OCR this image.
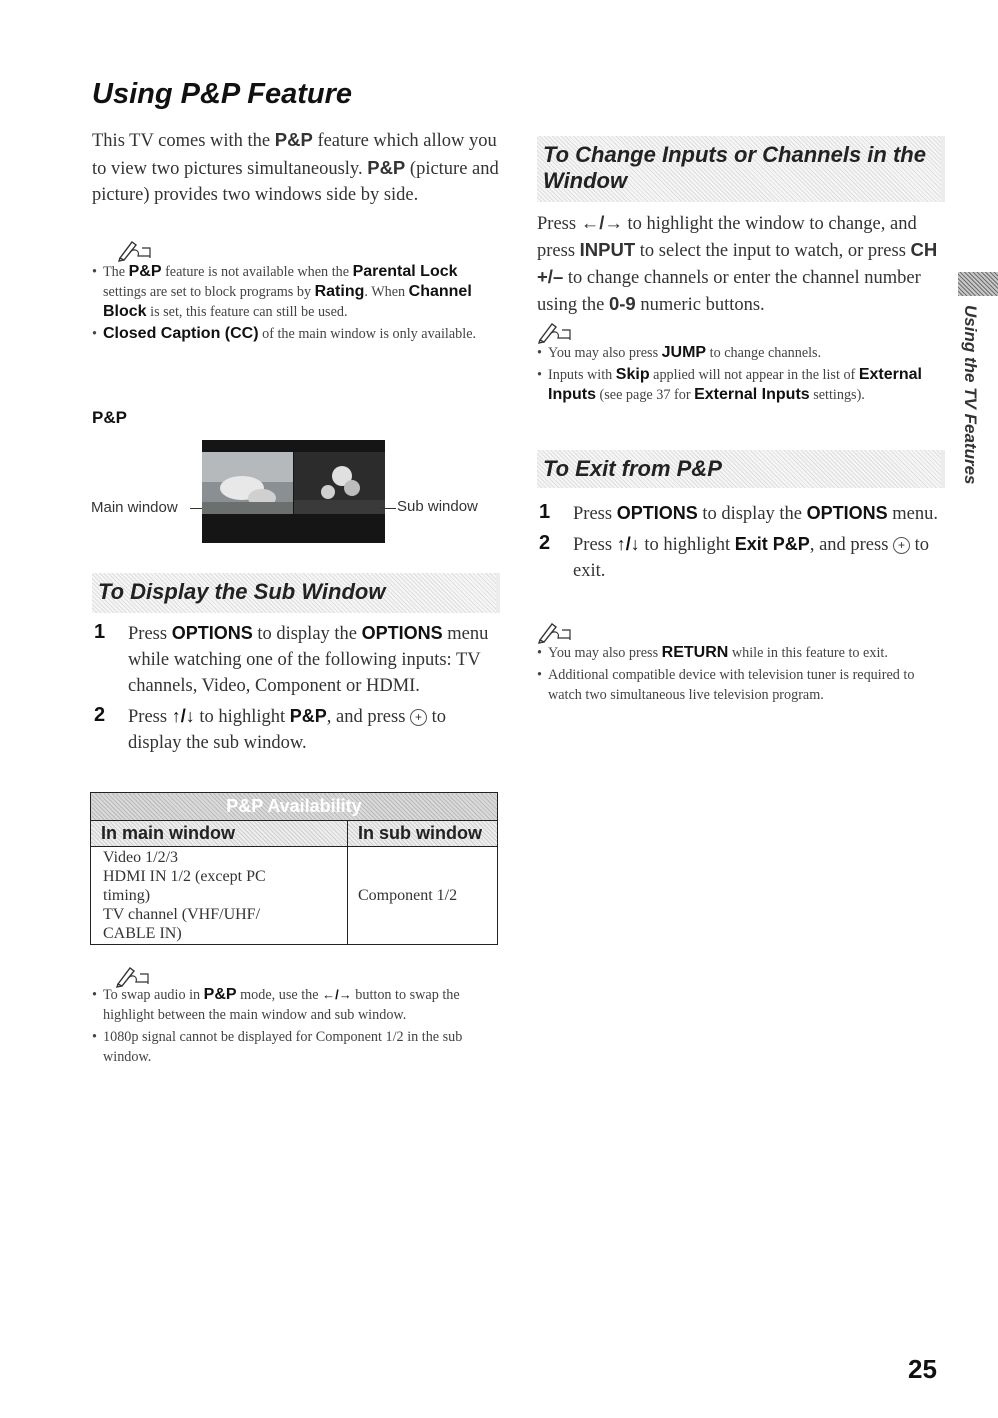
Using P&P Feature
This TV comes with the P&P feature which allow you to view two pictures simultaneously. P&P (picture and picture) provides two windows side by side.
• The P&P feature is not available when the Parental Lock settings are set to block programs by Rating. When Channel Block is set, this feature can still be used.
• Closed Caption (CC) of the main window is only available.
P&P
Main window	Sub window
To Display the Sub Window
1 Press OPTIONS to display the OPTIONS menu while watching one of the following inputs: TV channels, Video, Component or HDMI.
2 Press ↑/↓ to highlight P&P, and press + to display the sub window.
P&P Availability	
In main window	In sub window

Video 1/2/3
HDMI IN 1/2 (except PC
timing)
TV channel (VHF/UHF/
CABLE IN)	Component 1/2
• To swap audio in P&P mode, use the ←/→ button to swap the highlight between the main window and sub window.
• 1080p signal cannot be displayed for Component 1/2 in the sub window.
To Change Inputs or Channels in the
Window
Press ←/→ to highlight the window to change, and press INPUT to select the input to watch, or press CH +/– to change channels or enter the channel number using the 0-9 numeric buttons.
• You may also press JUMP to change channels.
• Inputs with Skip applied will not appear in the list of External Inputs (see page 37 for External Inputs settings).
To Exit from P&P
1 Press OPTIONS to display the OPTIONS menu.
2 Press ↑/↓ to highlight Exit P&P, and press + to exit.
• You may also press RETURN while in this feature to exit.
• Additional compatible device with television tuner is required to watch two simultaneous live television program.
Using the TV Features
25
